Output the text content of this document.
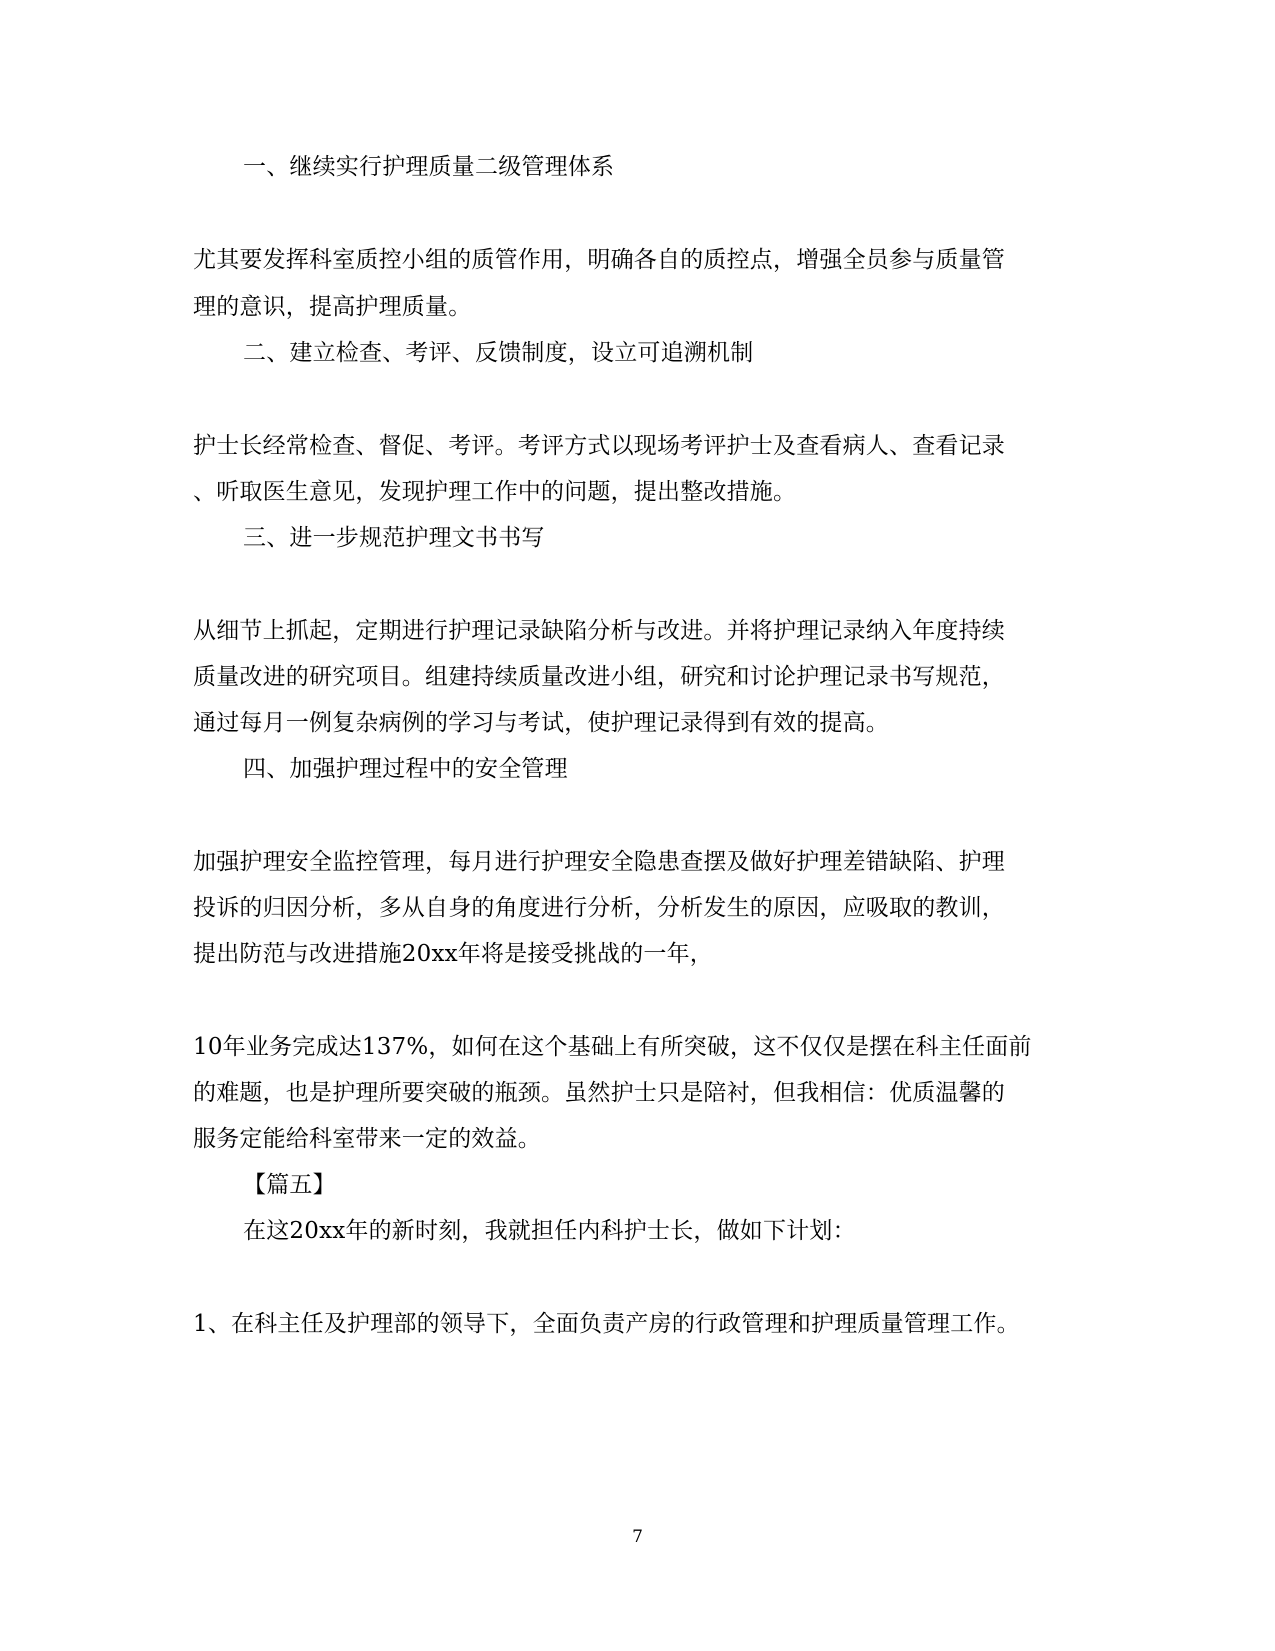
一、继续实行护理质量二级管理体系
尤其要发挥科室质控小组的质管作用，明确各自的质控点，增强全员参与质量管
理的意识，提高护理质量。
二、建立检查、考评、反馈制度，设立可追溯机制
护士长经常检查、督促、考评。考评方式以现场考评护士及查看病人、查看记录
、听取医生意见，发现护理工作中的问题，提出整改措施。
三、进一步规范护理文书书写
从细节上抓起，定期进行护理记录缺陷分析与改进。并将护理记录纳入年度持续
质量改进的研究项目。组建持续质量改进小组，研究和讨论护理记录书写规范，
通过每月一例复杂病例的学习与考试，使护理记录得到有效的提高。
四、加强护理过程中的安全管理
加强护理安全监控管理，每月进行护理安全隐患查摆及做好护理差错缺陷、护理
投诉的归因分析，多从自身的角度进行分析，分析发生的原因，应吸取的教训，
提出防范与改进措施20xx年将是接受挑战的一年，
10年业务完成达137%，如何在这个基础上有所突破，这不仅仅是摆在科主任面前
的难题，也是护理所要突破的瓶颈。虽然护士只是陪衬，但我相信：优质温馨的
服务定能给科室带来一定的效益。
【篇五】
在这20xx年的新时刻，我就担任内科护士长，做如下计划：
1、在科主任及护理部的领导下，全面负责产房的行政管理和护理质量管理工作。
7
